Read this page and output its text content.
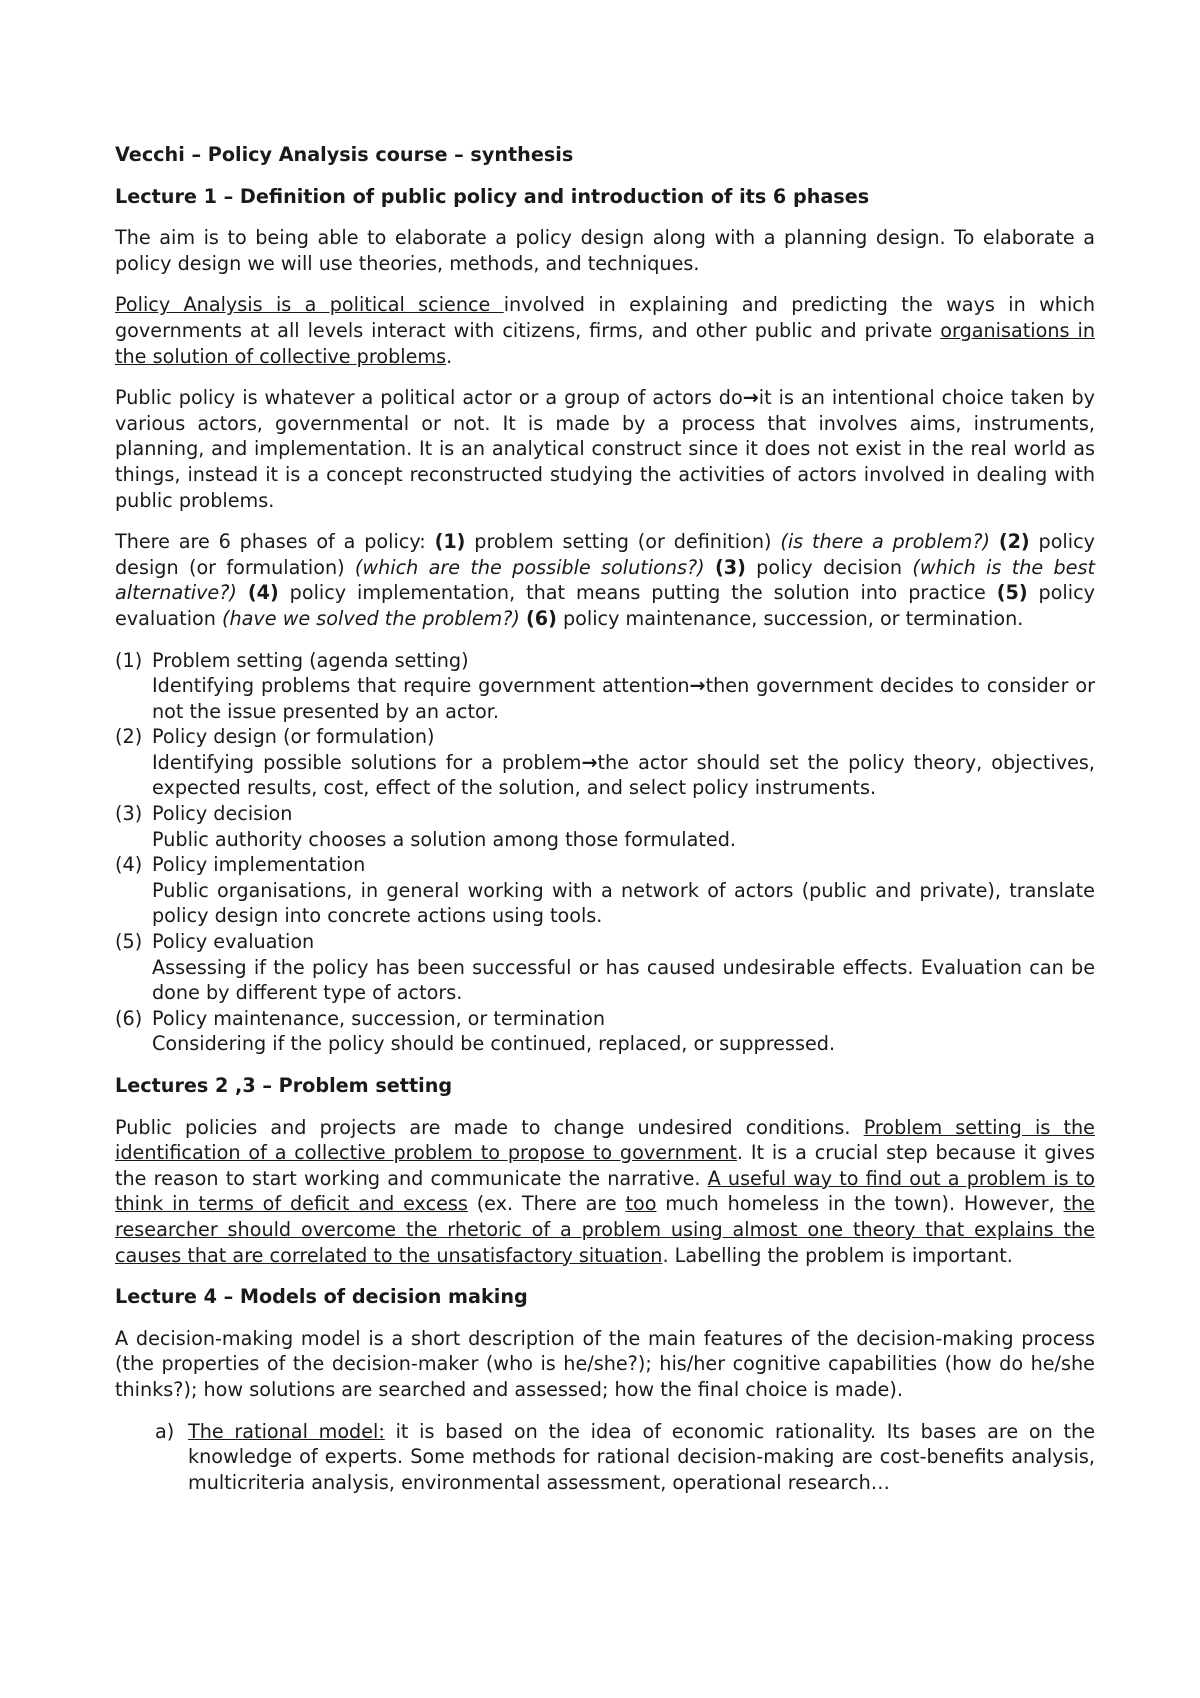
Vecchi – Policy Analysis course – synthesis
Lecture 1 – Definition of public policy and introduction of its 6 phases

The aim is to being able to elaborate a policy design along with a planning design. To elaborate a policy design we will use theories, methods, and techniques.

Policy Analysis is a political science involved in explaining and predicting the ways in which governments at all levels interact with citizens, firms, and other public and private organisations in the solution of collective problems.

Public policy is whatever a political actor or a group of actors do→it is an intentional choice taken by various actors, governmental or not. It is made by a process that involves aims, instruments, planning, and implementation. It is an analytical construct since it does not exist in the real world as things, instead it is a concept reconstructed studying the activities of actors involved in dealing with public problems.

There are 6 phases of a policy: (1) problem setting (or definition) (is there a problem?) (2) policy design (or formulation) (which are the possible solutions?) (3) policy decision (which is the best alternative?) (4) policy implementation, that means putting the solution into practice (5) policy evaluation (have we solved the problem?) (6) policy maintenance, succession, or termination.

(1) Problem setting (agenda setting)
Identifying problems that require government attention→then government decides to consider or not the issue presented by an actor.
(2) Policy design (or formulation)
Identifying possible solutions for a problem→the actor should set the policy theory, objectives, expected results, cost, effect of the solution, and select policy instruments.
(3) Policy decision
Public authority chooses a solution among those formulated.
(4) Policy implementation
Public organisations, in general working with a network of actors (public and private), translate policy design into concrete actions using tools.
(5) Policy evaluation
Assessing if the policy has been successful or has caused undesirable effects. Evaluation can be done by different type of actors.
(6) Policy maintenance, succession, or termination
Considering if the policy should be continued, replaced, or suppressed.
Lectures 2 ,3 – Problem setting

Public policies and projects are made to change undesired conditions. Problem setting is the identification of a collective problem to propose to government. It is a crucial step because it gives the reason to start working and communicate the narrative. A useful way to find out a problem is to think in terms of deficit and excess (ex. There are too much homeless in the town). However, the researcher should overcome the rhetoric of a problem using almost one theory that explains the causes that are correlated to the unsatisfactory situation. Labelling the problem is important.

Lecture 4 – Models of decision making

A decision-making model is a short description of the main features of the decision-making process (the properties of the decision-maker (who is he/she?); his/her cognitive capabilities (how do he/she thinks?); how solutions are searched and assessed; how the final choice is made).

a) The rational model: it is based on the idea of economic rationality. Its bases are on the knowledge of experts. Some methods for rational decision-making are cost-benefits analysis, multicriteria analysis, environmental assessment, operational research…
